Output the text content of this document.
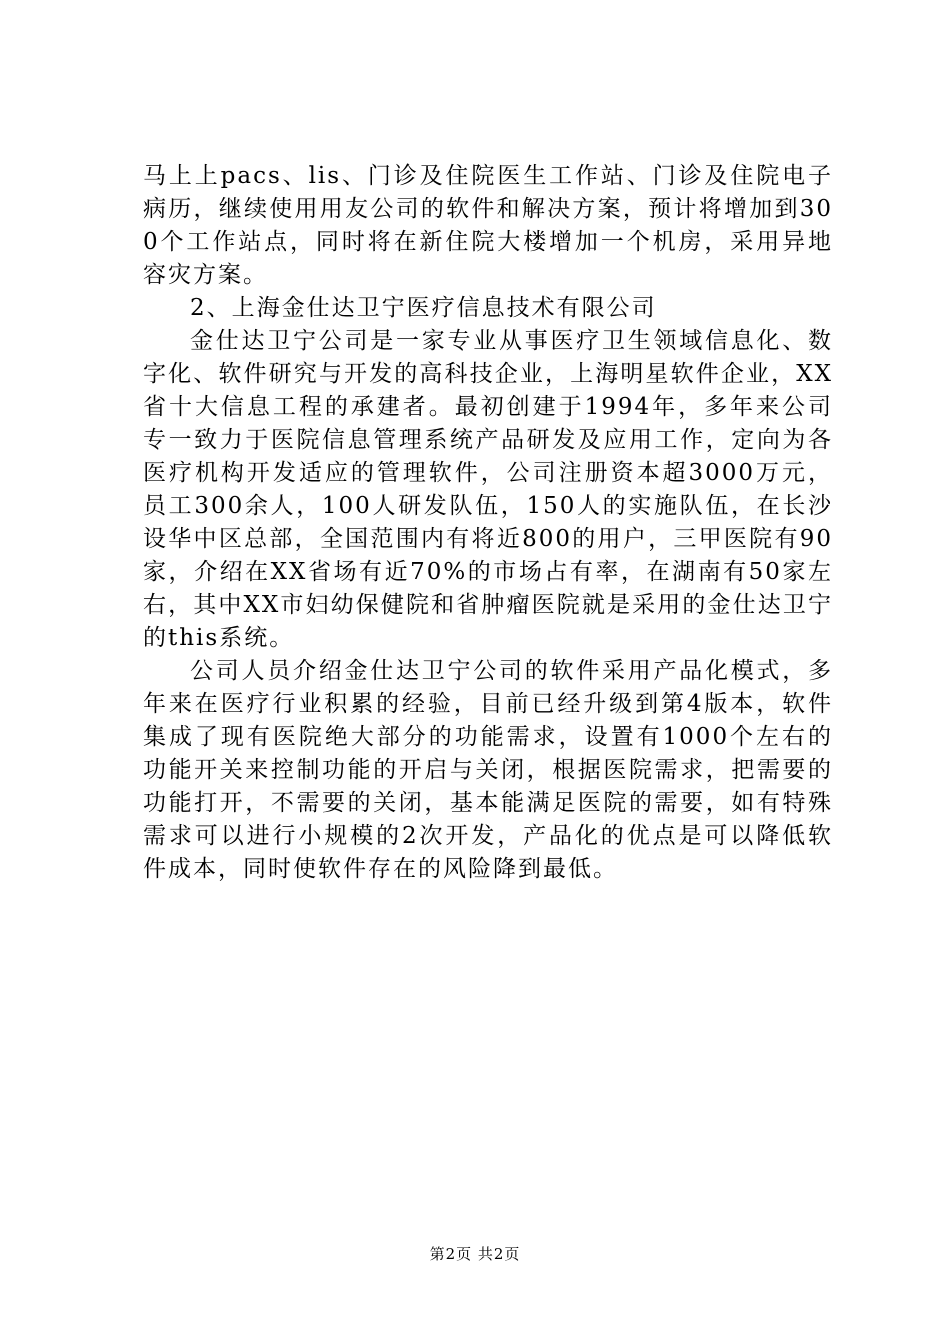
马上上pacs、lis、门诊及住院医生工作站、门诊及住院电子病历，继续使用用友公司的软件和解决方案，预计将增加到300个工作站点，同时将在新住院大楼增加一个机房，采用异地容灾方案。

2、上海金仕达卫宁医疗信息技术有限公司

金仕达卫宁公司是一家专业从事医疗卫生领域信息化、数字化、软件研究与开发的高科技企业，上海明星软件企业，XX省十大信息工程的承建者。最初创建于1994年，多年来公司专一致力于医院信息管理系统产品研发及应用工作，定向为各医疗机构开发适应的管理软件，公司注册资本超3000万元，员工300余人，100人研发队伍，150人的实施队伍，在长沙设华中区总部，全国范围内有将近800的用户，三甲医院有90家，介绍在XX省场有近70%的市场占有率，在湖南有50家左右，其中XX市妇幼保健院和省肿瘤医院就是采用的金仕达卫宁的this系统。

公司人员介绍金仕达卫宁公司的软件采用产品化模式，多年来在医疗行业积累的经验，目前已经升级到第4版本，软件集成了现有医院绝大部分的功能需求，设置有1000个左右的功能开关来控制功能的开启与关闭，根据医院需求，把需要的功能打开，不需要的关闭，基本能满足医院的需要，如有特殊需求可以进行小规模的2次开发，产品化的优点是可以降低软件成本，同时使软件存在的风险降到最低。

第2页 共2页
